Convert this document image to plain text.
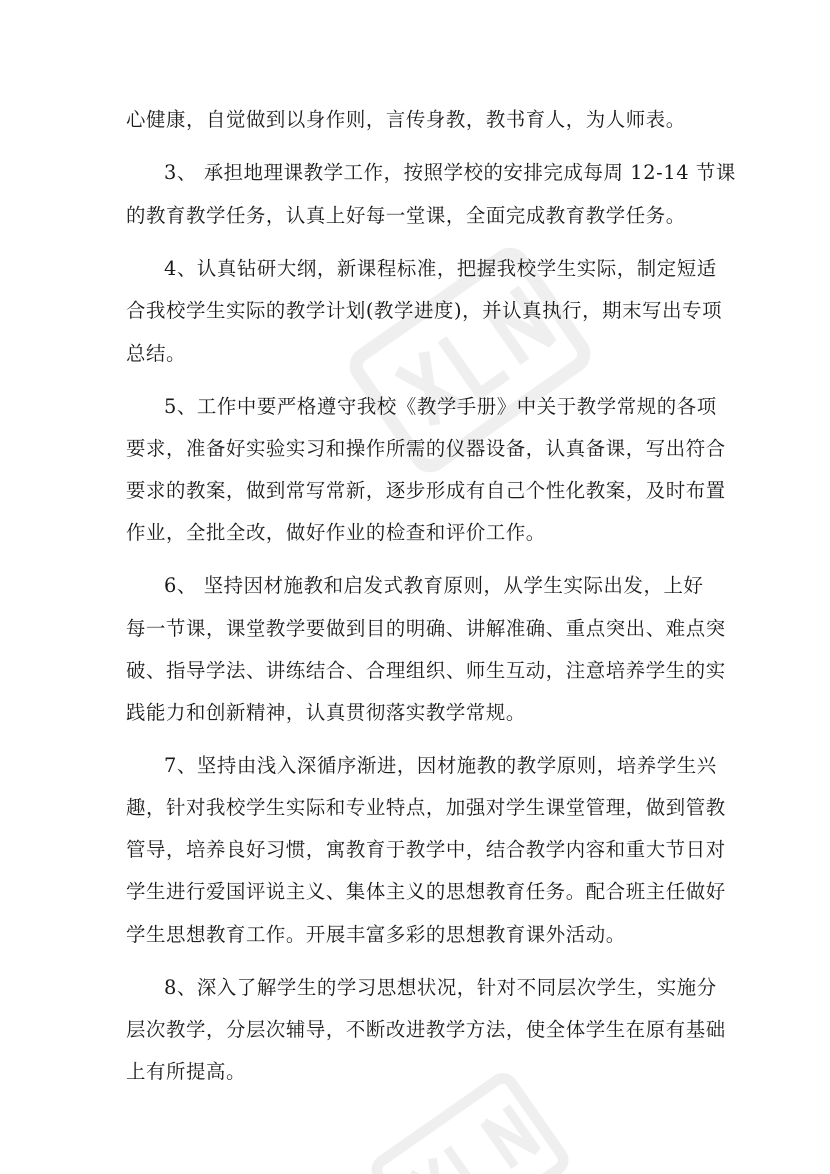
心健康，自觉做到以身作则，言传身教，教书育人，为人师表。
3、 承担地理课教学工作，按照学校的安排完成每周 12-14 节课
的教育教学任务，认真上好每一堂课，全面完成教育教学任务。
4、认真钻研大纲，新课程标准，把握我校学生实际，制定短适
合我校学生实际的教学计划(教学进度)，并认真执行，期末写出专项
总结。
5、工作中要严格遵守我校《教学手册》中关于教学常规的各项
要求，准备好实验实习和操作所需的仪器设备，认真备课，写出符合
要求的教案，做到常写常新，逐步形成有自己个性化教案，及时布置
作业，全批全改，做好作业的检查和评价工作。
6、 坚持因材施教和启发式教育原则，从学生实际出发，上好
每一节课，课堂教学要做到目的明确、讲解准确、重点突出、难点突
破、指导学法、讲练结合、合理组织、师生互动，注意培养学生的实
践能力和创新精神，认真贯彻落实教学常规。
7、坚持由浅入深循序渐进，因材施教的教学原则，培养学生兴
趣，针对我校学生实际和专业特点，加强对学生课堂管理，做到管教
管导，培养良好习惯，寓教育于教学中，结合教学内容和重大节日对
学生进行爱国评说主义、集体主义的思想教育任务。配合班主任做好
学生思想教育工作。开展丰富多彩的思想教育课外活动。
8、深入了解学生的学习思想状况，针对不同层次学生，实施分
层次教学，分层次辅导，不断改进教学方法，使全体学生在原有基础
上有所提高。
